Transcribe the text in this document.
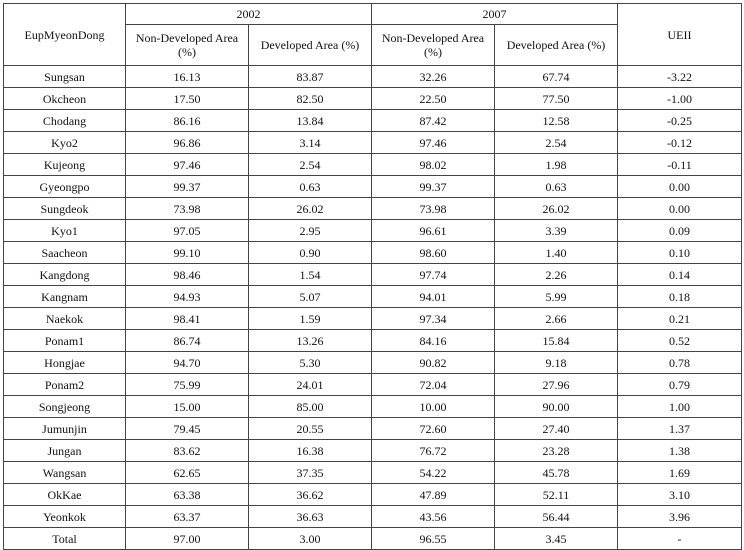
EupMyeonDong	2002		2007		UEII
	Non-Developed Area (%)	Developed Area (%)	Non-Developed Area (%)	Developed Area (%)	
Sungsan	16.13	83.87	32.26	67.74	-3.22
Okcheon	17.50	82.50	22.50	77.50	-1.00
Chodang	86.16	13.84	87.42	12.58	-0.25
Kyo2	96.86	3.14	97.46	2.54	-0.12
Kujeong	97.46	2.54	98.02	1.98	-0.11
Gyeongpo	99.37	0.63	99.37	0.63	0.00
Sungdeok	73.98	26.02	73.98	26.02	0.00
Kyo1	97.05	2.95	96.61	3.39	0.09
Saacheon	99.10	0.90	98.60	1.40	0.10
Kangdong	98.46	1.54	97.74	2.26	0.14
Kangnam	94.93	5.07	94.01	5.99	0.18
Naekok	98.41	1.59	97.34	2.66	0.21
Ponam1	86.74	13.26	84.16	15.84	0.52
Hongjae	94.70	5.30	90.82	9.18	0.78
Ponam2	75.99	24.01	72.04	27.96	0.79
Songjeong	15.00	85.00	10.00	90.00	1.00
Jumunjin	79.45	20.55	72.60	27.40	1.37
Jungan	83.62	16.38	76.72	23.28	1.38
Wangsan	62.65	37.35	54.22	45.78	1.69
OkKae	63.38	36.62	47.89	52.11	3.10
Yeonkok	63.37	36.63	43.56	56.44	3.96
Total	97.00	3.00	96.55	3.45	-
